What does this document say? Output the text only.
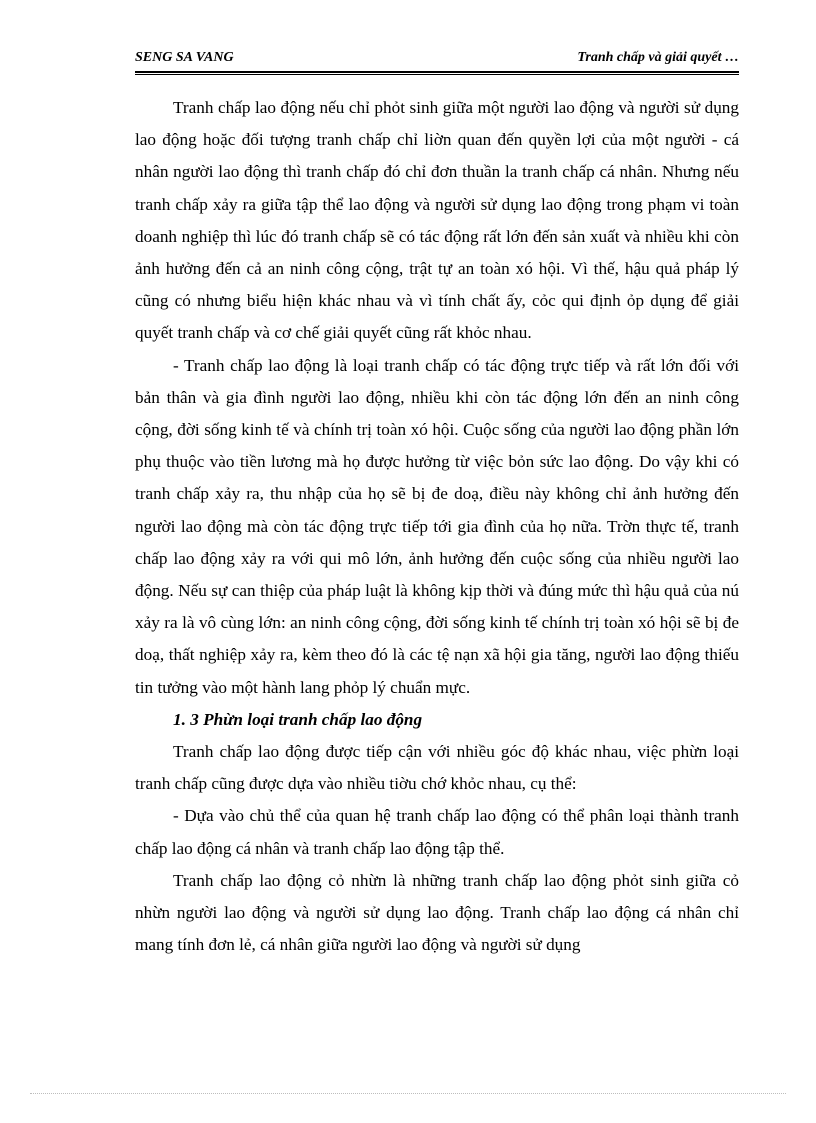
SENG SA VANG	Tranh chấp và giải quyết …

Tranh chấp lao động nếu chỉ phỏt sinh giữa một người lao động và người sử dụng lao động hoặc đối tượng tranh chấp chỉ liờn quan đến quyền lợi của một người - cá nhân người lao động thì tranh chấp đó chỉ đơn thuần la tranh chấp cá nhân. Nhưng nếu tranh chấp xảy ra giữa tập thể lao động và người sử dụng lao động trong phạm vi toàn doanh nghiệp thì lúc đó tranh chấp sẽ có tác động rất lớn đến sản xuất và nhiều khi còn ảnh hưởng đến cả an ninh công cộng, trật tự an toàn xó hội. Vì thế, hậu quả pháp lý cũng có nhưng biểu hiện khác nhau và vì tính chất ấy, cỏc qui định ỏp dụng để giải quyết tranh chấp và cơ chế giải quyết cũng rất khỏc nhau.

- Tranh chấp lao động là loại tranh chấp có tác động trực tiếp và rất lớn đối với bản thân và gia đình người lao động, nhiều khi còn tác động lớn đến an ninh công cộng, đời sống kinh tế và chính trị toàn xó hội. Cuộc sống của người lao động phần lớn phụ thuộc vào tiền lương mà họ được hưởng từ việc bỏn sức lao động. Do vậy khi có tranh chấp xảy ra, thu nhập của họ sẽ bị đe doạ, điều này không chỉ ảnh hưởng đến người lao động mà còn tác động trực tiếp tới gia đình của họ nữa. Trờn thực tế, tranh chấp lao động xảy ra với qui mô lớn, ảnh hưởng đến cuộc sống của nhiều người lao động. Nếu sự can thiệp của pháp luật là không kịp thời và đúng mức thì hậu quả của nú xảy ra là vô cùng lớn: an ninh công cộng, đời sống kinh tế chính trị toàn xó hội sẽ bị đe doạ, thất nghiệp xảy ra, kèm theo đó là các tệ nạn xã hội gia tăng, người lao động thiếu tin tưởng vào một hành lang phỏp lý chuẩn mực.

1. 3 Phừn loại tranh chấp lao động

Tranh chấp lao động được tiếp cận với nhiều góc độ khác nhau, việc phừn loại tranh chấp cũng được dựa vào nhiều tiờu chớ khỏc nhau, cụ thể:

- Dựa vào chủ thể của quan hệ tranh chấp lao động có thể phân loại thành tranh chấp lao động cá nhân và tranh chấp lao động tập thể.

Tranh chấp lao động cỏ nhừn là những tranh chấp lao động phỏt sinh giữa cỏ nhừn người lao động và người sử dụng lao động. Tranh chấp lao động cá nhân chỉ mang tính đơn lẻ, cá nhân giữa người lao động và người sử dụng
